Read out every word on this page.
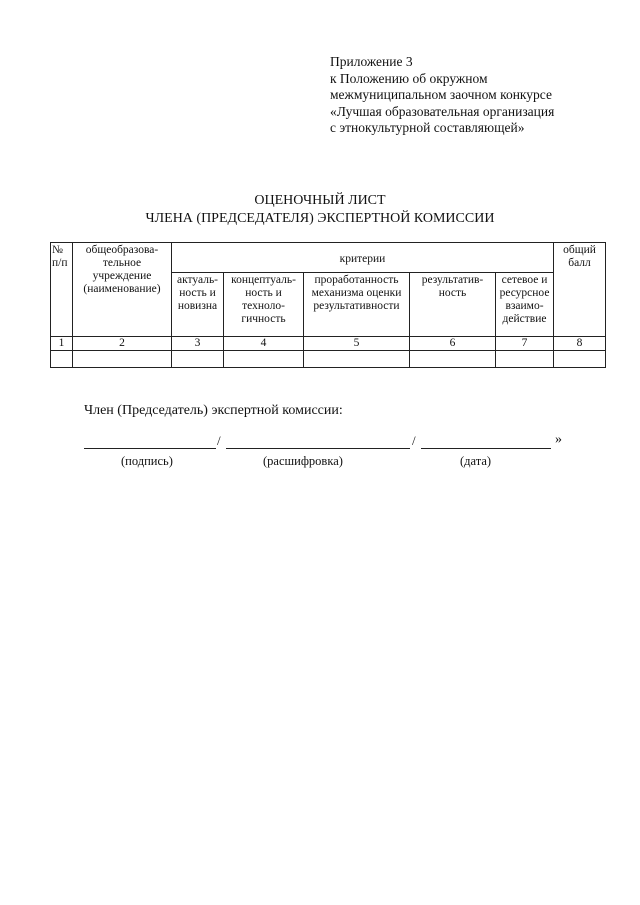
Приложение 3
к Положению об окружном
межмуниципальном заочном конкурсе
«Лучшая образовательная организация
с этнокультурной составляющей»
ОЦЕНОЧНЫЙ ЛИСТ
ЧЛЕНА (ПРЕДСЕДАТЕЛЯ) ЭКСПЕРТНОЙ КОМИССИИ
№ п/п	общеобразова-тельное учреждение (наименование)	критерии					общий балл
		актуаль-ность и новизна	концептуаль-ность и техноло-гичность	проработанность механизма оценки результативности	результатив-ность	сетевое и ресурсное взаимо-действие	
1	2	3	4	5	6	7	8

Член (Председатель) экспертной комиссии:
/	/	»
(подпись)	(расшифровка)	(дата)
